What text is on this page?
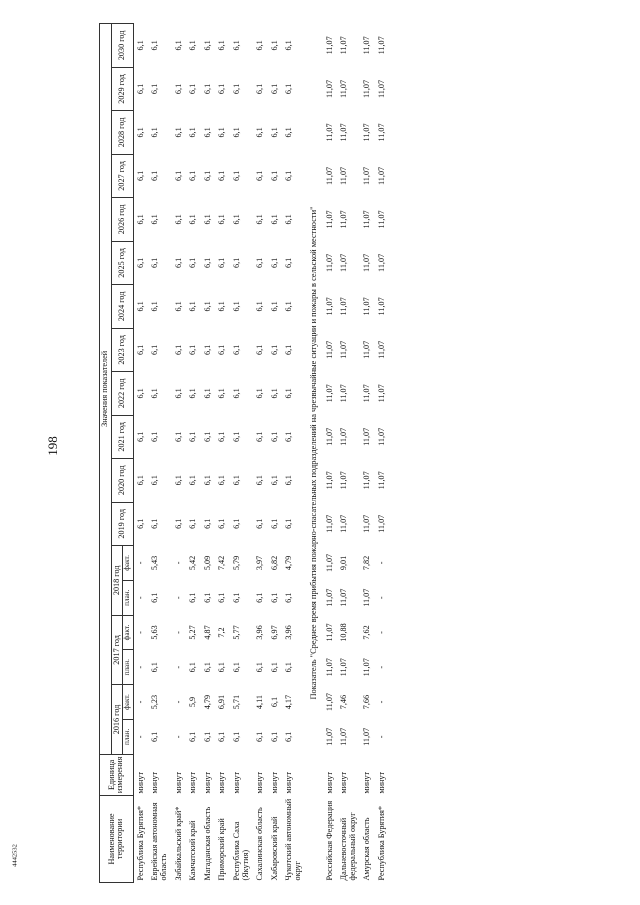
198
4442532	Наименование территории	Единица измерения	Значения показателей																	
		2016 год		2017 год		2018 год		2019 год	2020 год	2021 год	2022 год	2023 год	2024 год	2025 год	2026 год	2027 год	2028 год	2029 год	2030 год
		план.	факт.	план.	факт.	план.	факт.												
Республика Бурятия*	минут	-	-	-	-	-	-	6,1	6,1	6,1	6,1	6,1	6,1	6,1	6,1	6,1	6,1	6,1	6,1
Еврейская автономная область	минут	6,1	5,23	6,1	5,63	6,1	5,43	6,1	6,1	6,1	6,1	6,1	6,1	6,1	6,1	6,1	6,1	6,1	6,1
Забайкальский край*	минут	-	-	-	-	-	-	6,1	6,1	6,1	6,1	6,1	6,1	6,1	6,1	6,1	6,1	6,1	6,1
Камчатский край	минут	6,1	5,9	6,1	5,27	6,1	5,42	6,1	6,1	6,1	6,1	6,1	6,1	6,1	6,1	6,1	6,1	6,1	6,1
Магаданская область	минут	6,1	4,79	6,1	4,87	6,1	5,09	6,1	6,1	6,1	6,1	6,1	6,1	6,1	6,1	6,1	6,1	6,1	6,1
Приморский край	минут	6,1	6,91	6,1	7,2	6,1	7,42	6,1	6,1	6,1	6,1	6,1	6,1	6,1	6,1	6,1	6,1	6,1	6,1
Республика Саха (Якутия)	минут	6,1	5,71	6,1	5,77	6,1	5,79	6,1	6,1	6,1	6,1	6,1	6,1	6,1	6,1	6,1	6,1	6,1	6,1
Сахалинская область	минут	6,1	4,11	6,1	3,96	6,1	3,97	6,1	6,1	6,1	6,1	6,1	6,1	6,1	6,1	6,1	6,1	6,1	6,1
Хабаровский край	минут	6,1	6,1	6,1	6,97	6,1	6,82	6,1	6,1	6,1	6,1	6,1	6,1	6,1	6,1	6,1	6,1	6,1	6,1
Чукотский автономный округ	минут	6,1	4,17	6,1	3,96	6,1	4,79	6,1	6,1	6,1	6,1	6,1	6,1	6,1	6,1	6,1	6,1	6,1	6,1
Показатель "Среднее время прибытия пожарно-спасательных подразделений на чрезвычайные ситуации и пожары в сельской местности"																			
Российская Федерация	минут	11,07	11,07	11,07	11,07	11,07	11,07	11,07	11,07	11,07	11,07	11,07	11,07	11,07	11,07	11,07	11,07	11,07	11,07
Дальневосточный федеральный округ	минут	11,07	7,46	11,07	10,88	11,07	9,01	11,07	11,07	11,07	11,07	11,07	11,07	11,07	11,07	11,07	11,07	11,07	11,07
Амурская область	минут	11,07	7,66	11,07	7,62	11,07	7,82	11,07	11,07	11,07	11,07	11,07	11,07	11,07	11,07	11,07	11,07	11,07	11,07
Республика Бурятия*	минут	-	-	-	-	-	-	11,07	11,07	11,07	11,07	11,07	11,07	11,07	11,07	11,07	11,07	11,07	11,07
